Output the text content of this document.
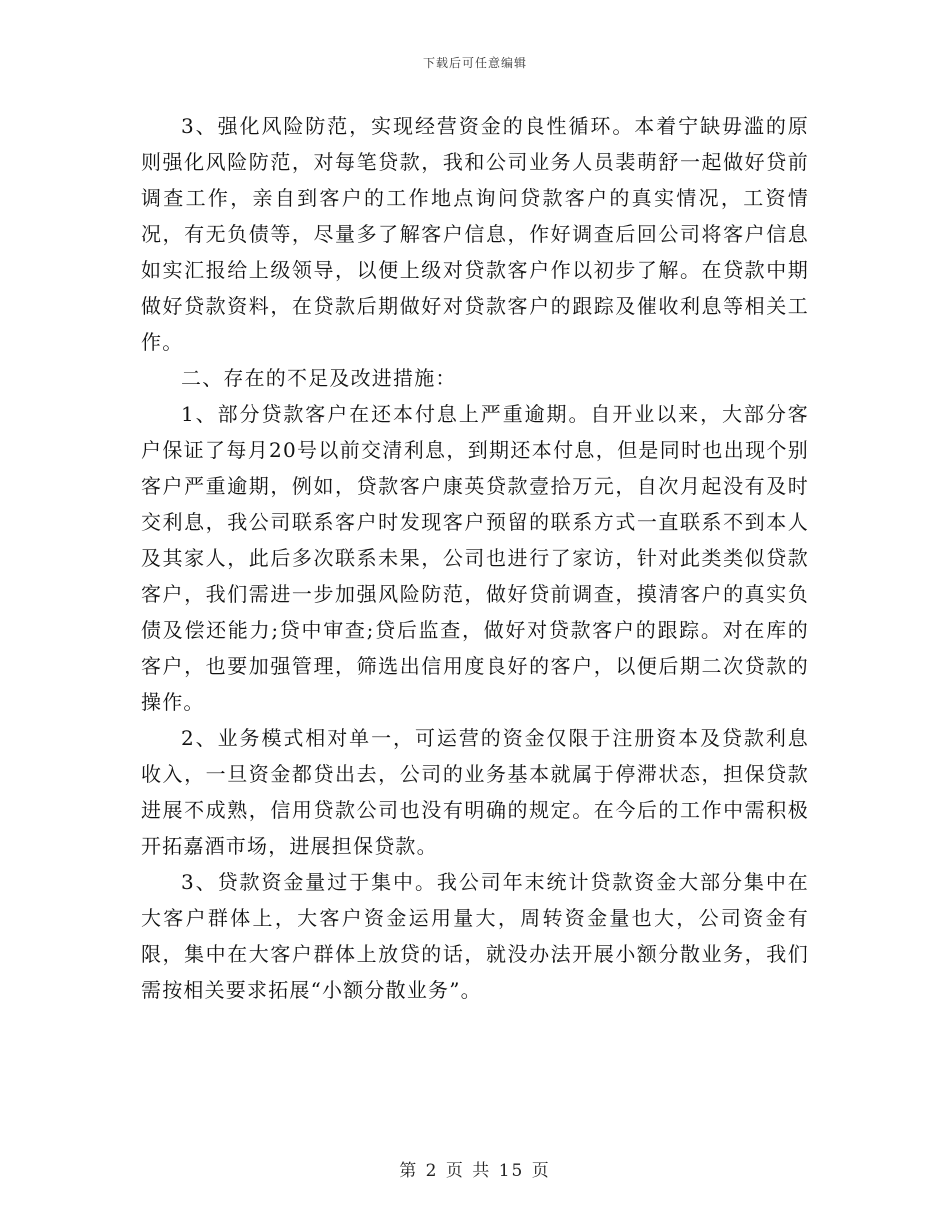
下载后可任意编辑

3、强化风险防范，实现经营资金的良性循环。本着宁缺毋滥的原则强化风险防范，对每笔贷款，我和公司业务人员裴萌舒一起做好贷前调查工作，亲自到客户的工作地点询问贷款客户的真实情况，工资情况，有无负债等，尽量多了解客户信息，作好调查后回公司将客户信息如实汇报给上级领导，以便上级对贷款客户作以初步了解。在贷款中期做好贷款资料，在贷款后期做好对贷款客户的跟踪及催收利息等相关工作。

二、存在的不足及改进措施：

1、部分贷款客户在还本付息上严重逾期。自开业以来，大部分客户保证了每月20号以前交清利息，到期还本付息，但是同时也出现个别客户严重逾期，例如，贷款客户康英贷款壹拾万元，自次月起没有及时交利息，我公司联系客户时发现客户预留的联系方式一直联系不到本人及其家人，此后多次联系未果，公司也进行了家访，针对此类类似贷款客户，我们需进一步加强风险防范，做好贷前调查，摸清客户的真实负债及偿还能力;贷中审查;贷后监查，做好对贷款客户的跟踪。对在库的客户，也要加强管理，筛选出信用度良好的客户，以便后期二次贷款的操作。

2、业务模式相对单一，可运营的资金仅限于注册资本及贷款利息收入，一旦资金都贷出去，公司的业务基本就属于停滞状态，担保贷款进展不成熟，信用贷款公司也没有明确的规定。在今后的工作中需积极开拓嘉酒市场，进展担保贷款。

3、贷款资金量过于集中。我公司年末统计贷款资金大部分集中在大客户群体上，大客户资金运用量大，周转资金量也大，公司资金有限，集中在大客户群体上放贷的话，就没办法开展小额分散业务，我们需按相关要求拓展“小额分散业务”。

第 2 页 共 15 页
